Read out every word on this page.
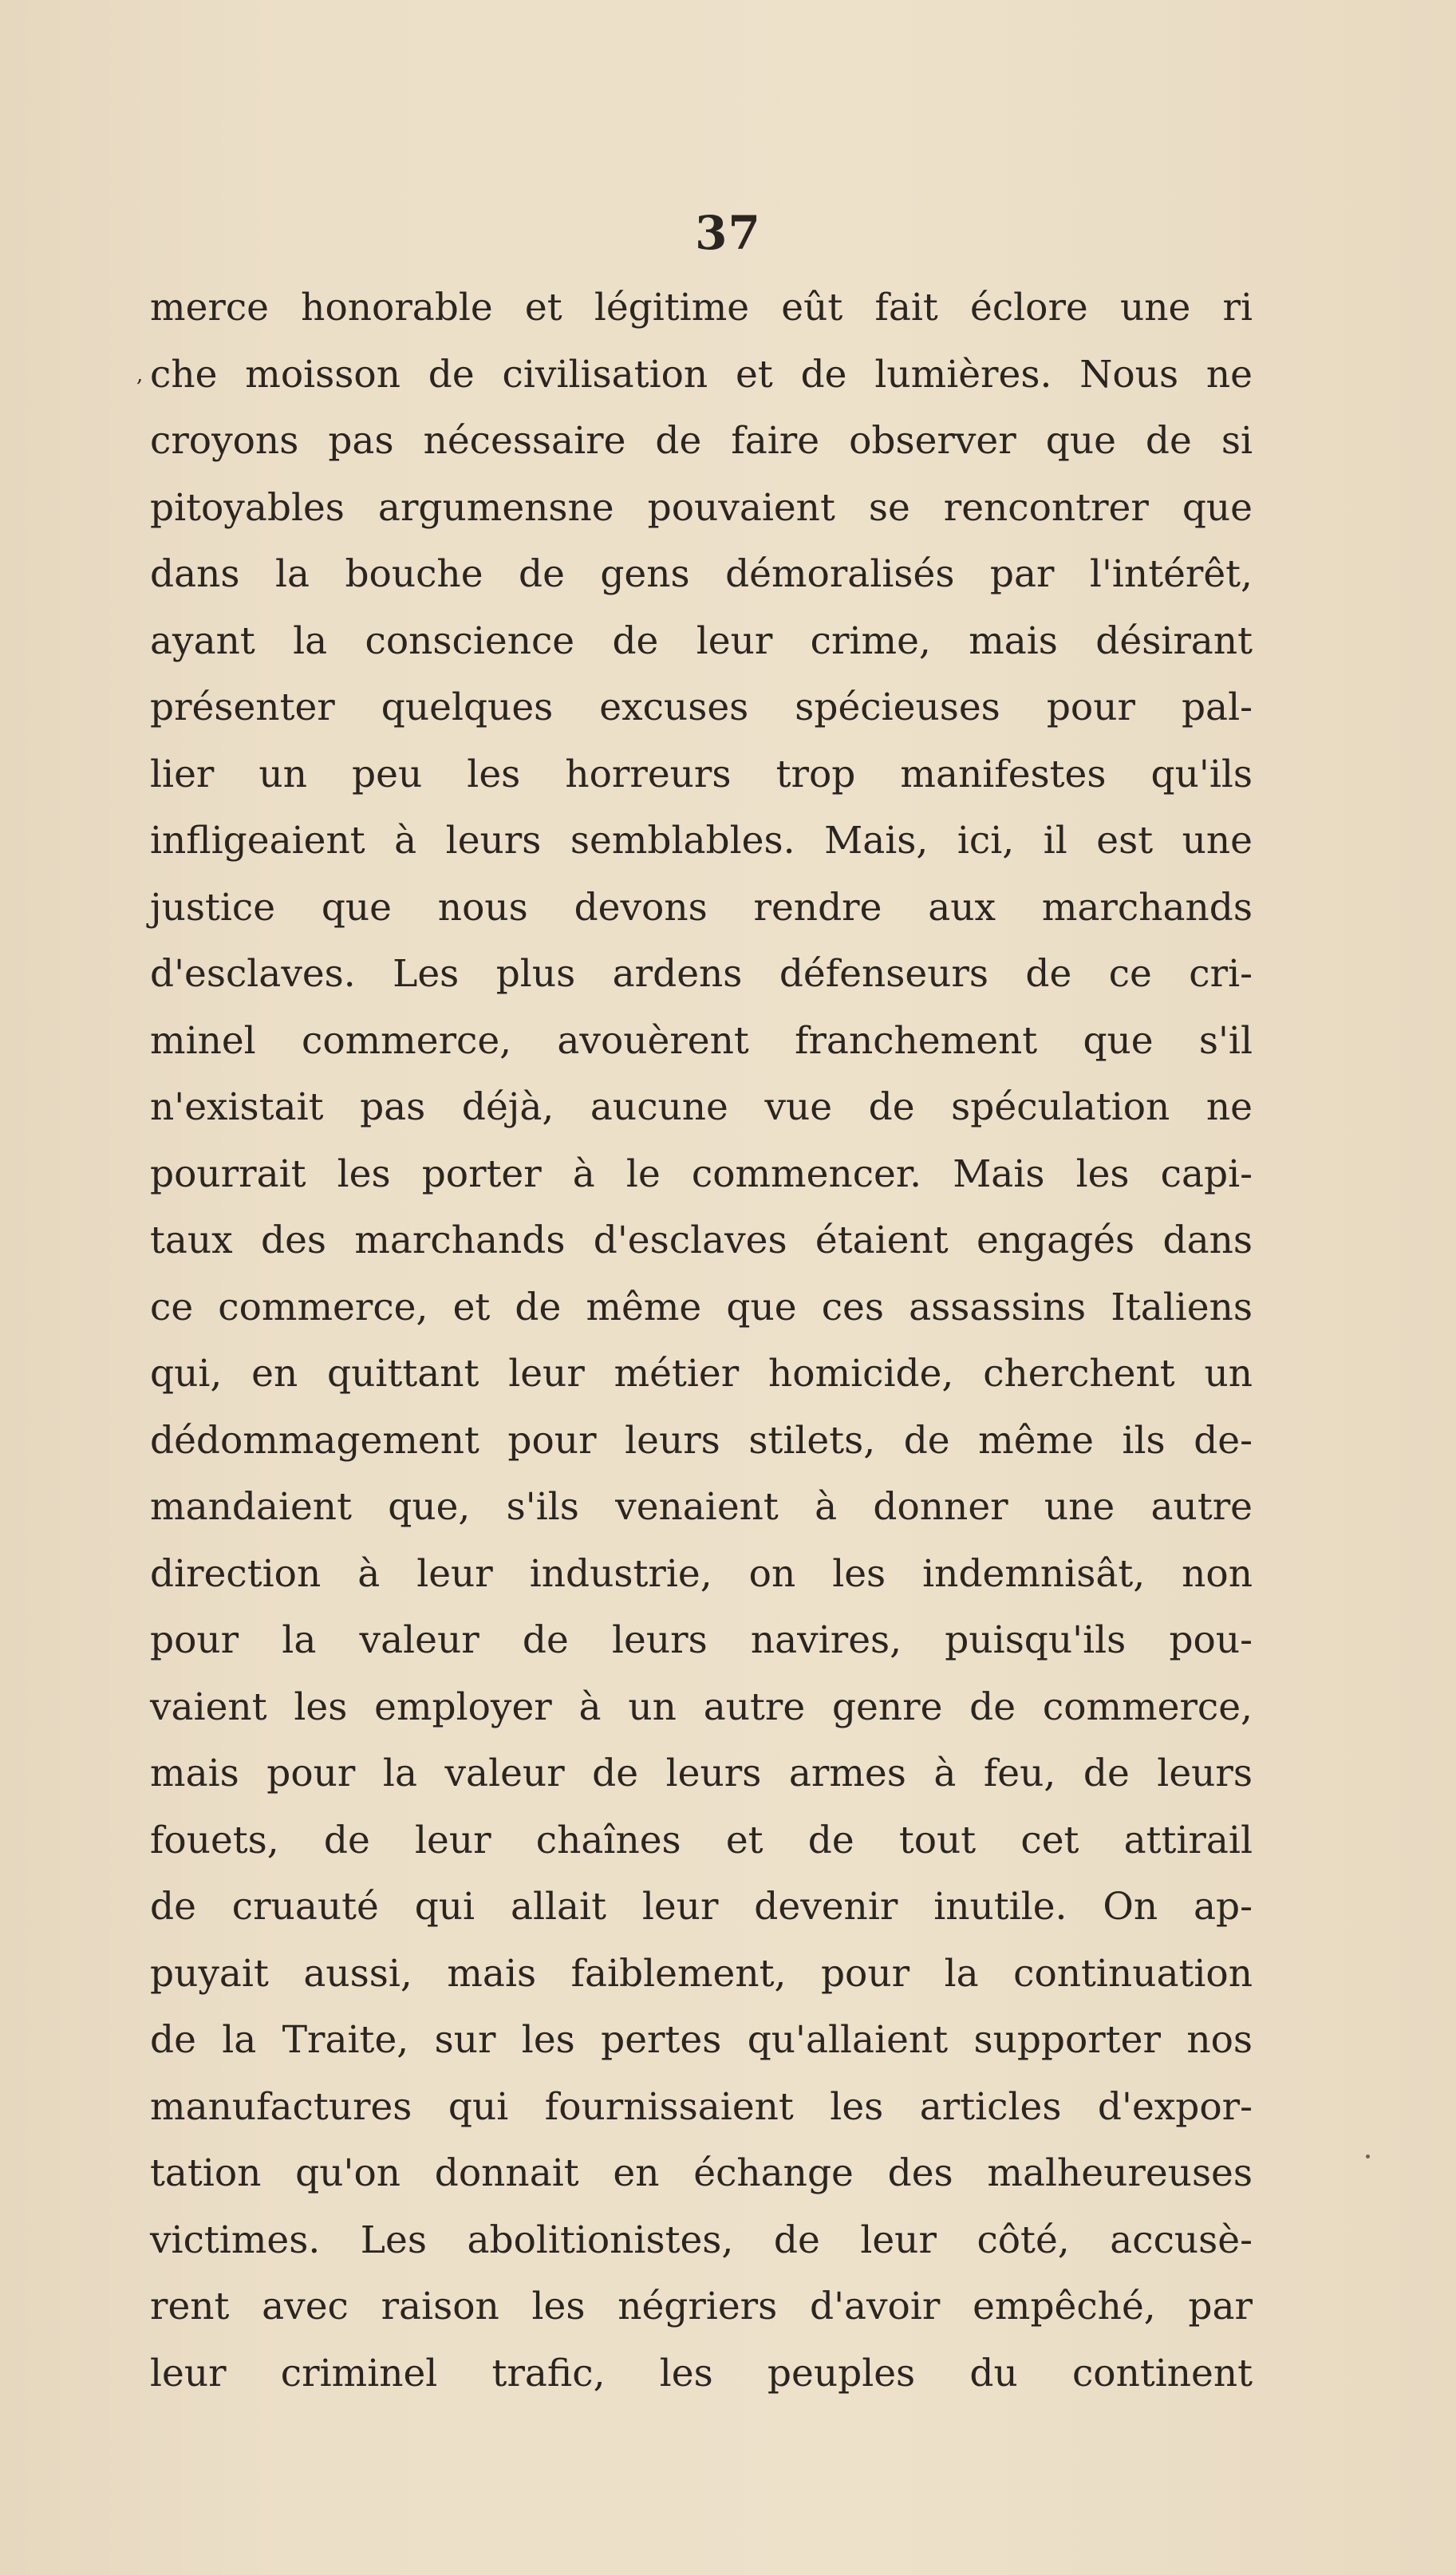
37
,
merce honorable et légitime eût fait éclore une ri
che moisson de civilisation et de lumières. Nous ne
croyons pas nécessaire de faire observer que de si
pitoyables argumensne pouvaient se rencontrer que
dans la bouche de gens démoralisés par l'intérêt,
ayant la conscience de leur crime, mais désirant
présenter quelques excuses spécieuses pour pal-
lier un peu les horreurs trop manifestes qu'ils
infligeaient à leurs semblables. Mais, ici, il est une
justice que nous devons rendre aux marchands
d'esclaves. Les plus ardens défenseurs de ce cri-
minel commerce, avouèrent franchement que s'il
n'existait pas déjà, aucune vue de spéculation ne
pourrait les porter à le commencer. Mais les capi-
taux des marchands d'esclaves étaient engagés dans
ce commerce, et de même que ces assassins Italiens
qui, en quittant leur métier homicide, cherchent un
dédommagement pour leurs stilets, de même ils de-
mandaient que, s'ils venaient à donner une autre
direction à leur industrie, on les indemnisât, non
pour la valeur de leurs navires, puisqu'ils pou-
vaient les employer à un autre genre de commerce,
mais pour la valeur de leurs armes à feu, de leurs
fouets, de leur chaînes et de tout cet attirail
de cruauté qui allait leur devenir inutile. On ap-
puyait aussi, mais faiblement, pour la continuation
de la Traite, sur les pertes qu'allaient supporter nos
manufactures qui fournissaient les articles d'expor-
tation qu'on donnait en échange des malheureuses
victimes. Les abolitionistes, de leur côté, accusè-
rent avec raison les négriers d'avoir empêché, par
leur criminel trafic, les peuples du continent
